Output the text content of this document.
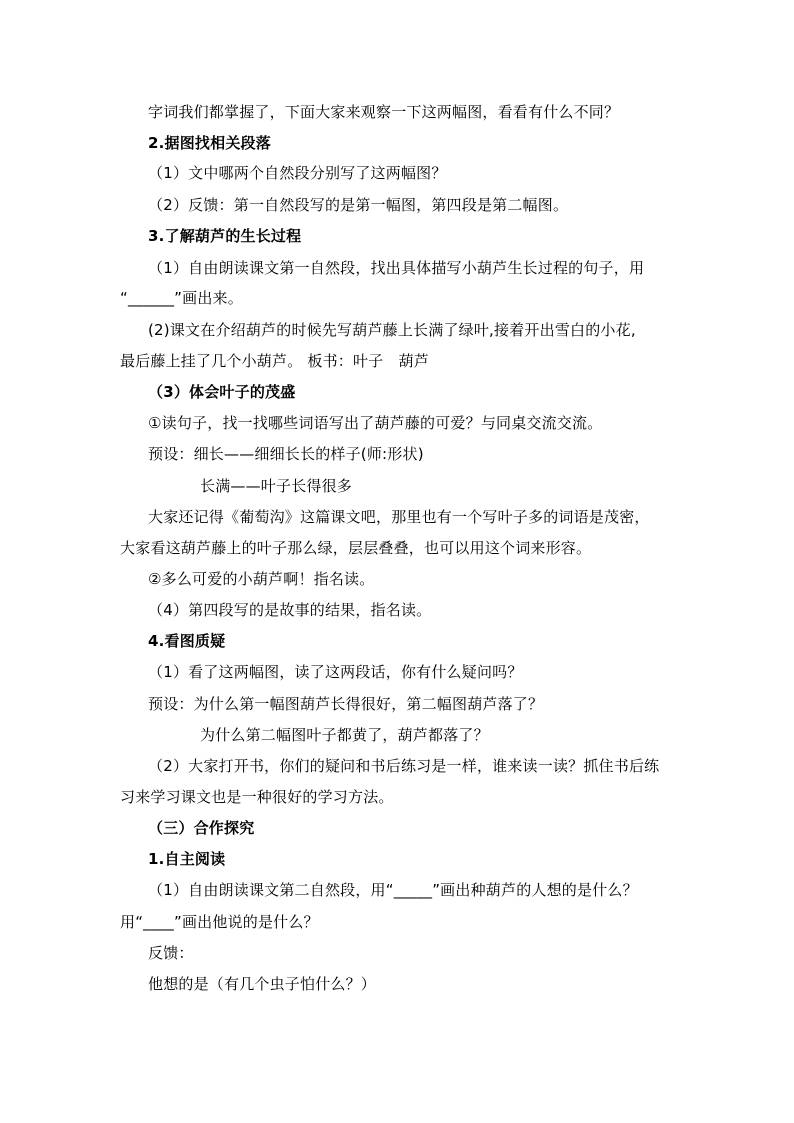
字词我们都掌握了，下面大家来观察一下这两幅图，看看有什么不同？
2.据图找相关段落
（1）文中哪两个自然段分别写了这两幅图？
（2）反馈：第一自然段写的是第一幅图，第四段是第二幅图。
3.了解葫芦的生长过程
（1）自由朗读课文第一自然段，找出具体描写小葫芦生长过程的句子，用
“______”画出来。
(2)课文在介绍葫芦的时候先写葫芦藤上长满了绿叶,接着开出雪白的小花,
最后藤上挂了几个小葫芦。 板书：叶子　葫芦
（3）体会叶子的茂盛
①读句子，找一找哪些词语写出了葫芦藤的可爱？与同桌交流交流。
预设：细长——细细长长的样子(师:形状)
长满——叶子长得很多
大家还记得《葡萄沟》这篇课文吧，那里也有一个写叶子多的词语是茂密，
大家看这葫芦藤上的叶子那么绿，层层叠叠，也可以用这个词来形容。
②多么可爱的小葫芦啊！指名读。
（4）第四段写的是故事的结果，指名读。
4.看图质疑
（1）看了这两幅图，读了这两段话，你有什么疑问吗？
预设：为什么第一幅图葫芦长得很好，第二幅图葫芦落了？
为什么第二幅图叶子都黄了，葫芦都落了？
（2）大家打开书，你们的疑问和书后练习是一样，谁来读一读？抓住书后练
习来学习课文也是一种很好的学习方法。
（三）合作探究
1.自主阅读
（1）自由朗读课文第二自然段，用“_____”画出种葫芦的人想的是什么？
用“____”画出他说的是什么？
反馈：
他想的是（有几个虫子怕什么？）
